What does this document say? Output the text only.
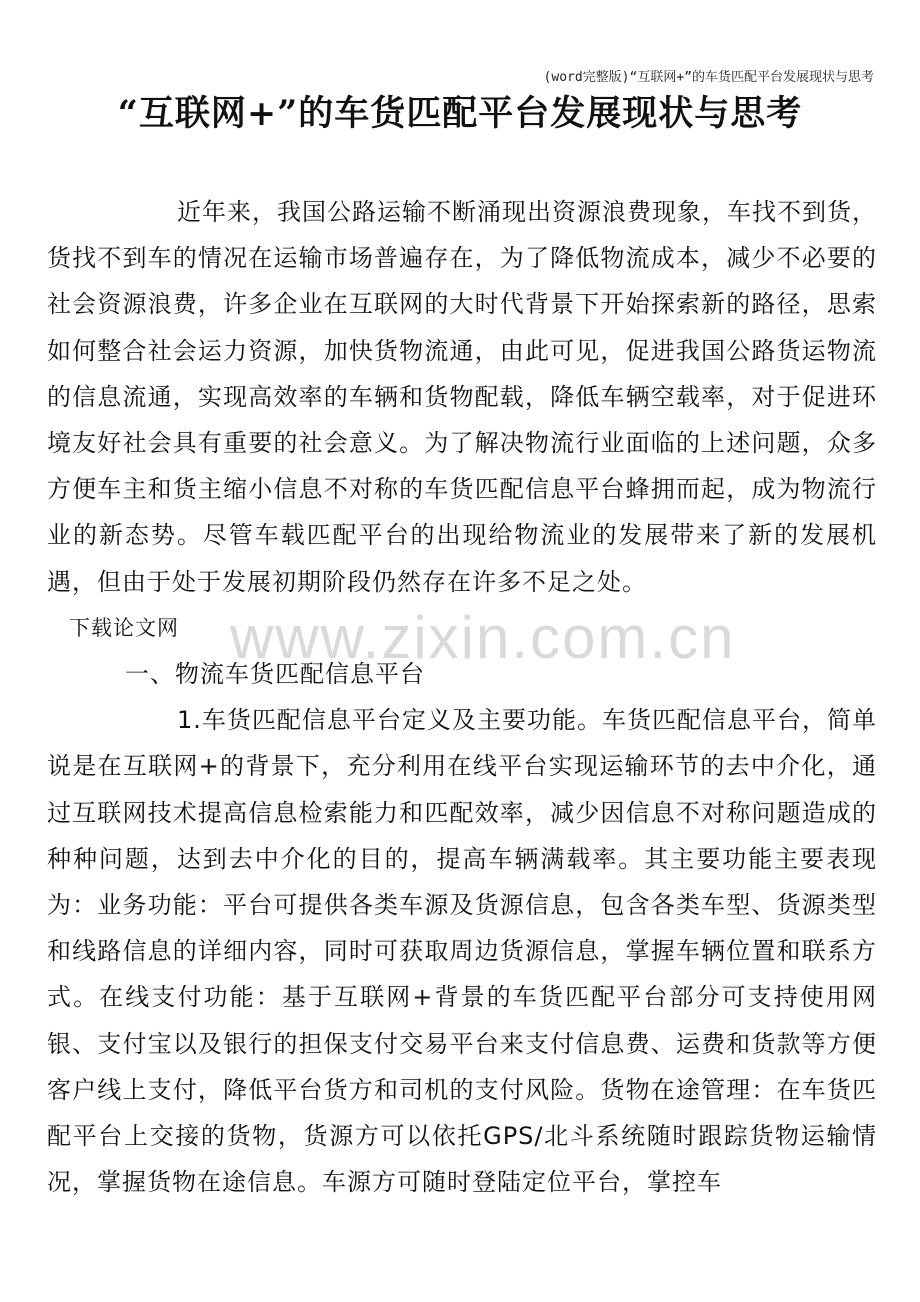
(word完整版)“互联网+”的车货匹配平台发展现状与思考
“互联网+”的车货匹配平台发展现状与思考

近年来，我国公路运输不断涌现出资源浪费现象，车找不到货，货找不到车的情况在运输市场普遍存在，为了降低物流成本，减少不必要的社会资源浪费，许多企业在互联网的大时代背景下开始探索新的路径，思索如何整合社会运力资源，加快货物流通，由此可见，促进我国公路货运物流的信息流通，实现高效率的车辆和货物配载，降低车辆空载率，对于促进环境友好社会具有重要的社会意义。为了解决物流行业面临的上述问题，众多方便车主和货主缩小信息不对称的车货匹配信息平台蜂拥而起，成为物流行业的新态势。尽管车载匹配平台的出现给物流业的发展带来了新的发展机遇，但由于处于发展初期阶段仍然存在许多不足之处。

下载论文网

一、物流车货匹配信息平台

1.车货匹配信息平台定义及主要功能。车货匹配信息平台，简单说是在互联网+的背景下，充分利用在线平台实现运输环节的去中介化，通过互联网技术提高信息检索能力和匹配效率，减少因信息不对称问题造成的种种问题，达到去中介化的目的，提高车辆满载率。其主要功能主要表现为：业务功能：平台可提供各类车源及货源信息，包含各类车型、货源类型和线路信息的详细内容，同时可获取周边货源信息，掌握车辆位置和联系方式。在线支付功能：基于互联网+背景的车货匹配平台部分可支持使用网银、支付宝以及银行的担保支付交易平台来支付信息费、运费和货款等方便客户线上支付，降低平台货方和司机的支付风险。货物在途管理：在车货匹配平台上交接的货物，货源方可以依托GPS/北斗系统随时跟踪货物运输情况，掌握货物在途信息。车源方可随时登陆定位平台，掌控车

www.zixin.com.cn
